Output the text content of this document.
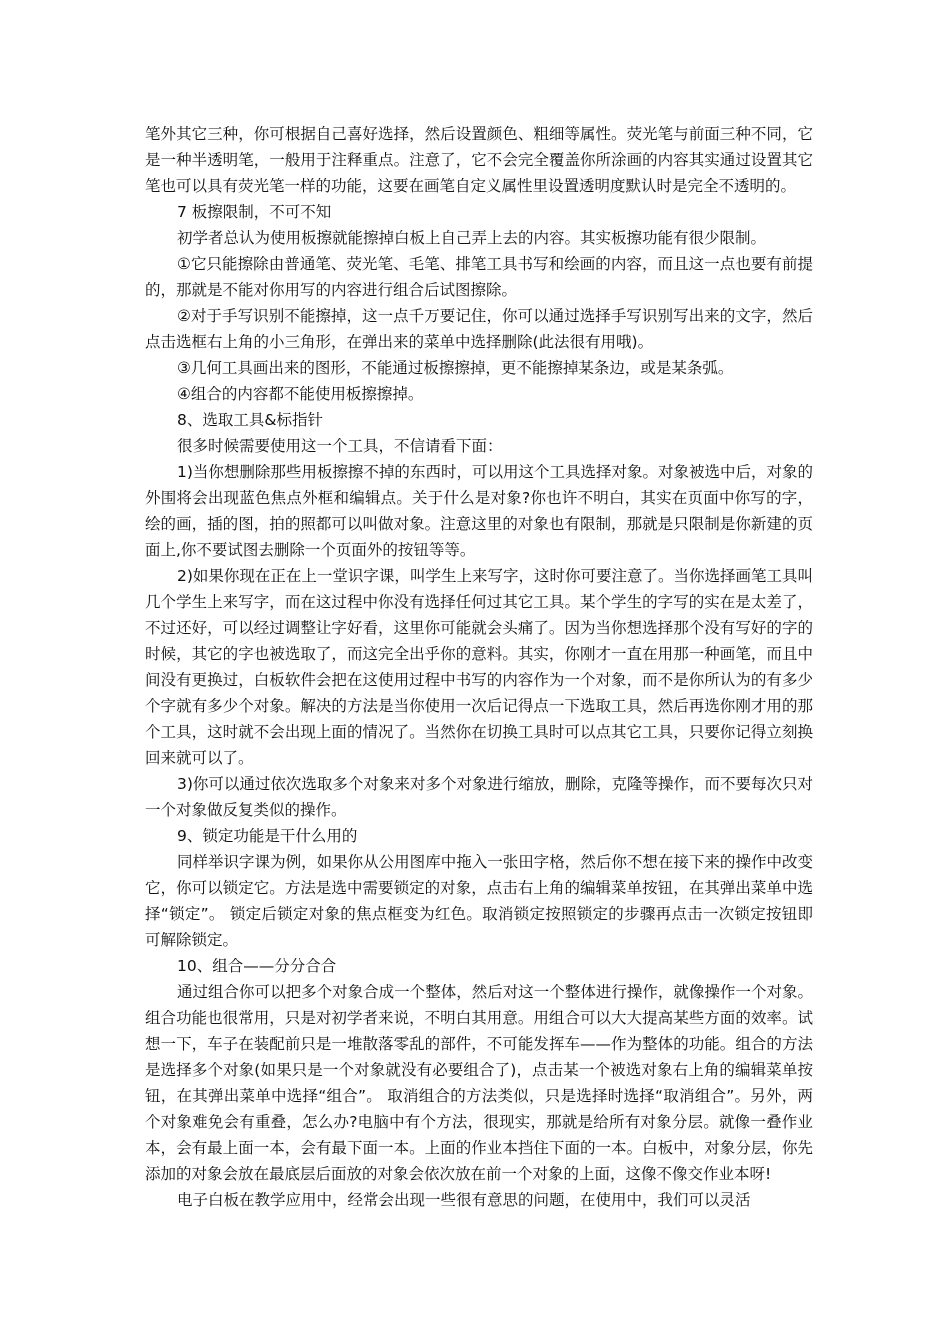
笔外其它三种，你可根据自己喜好选择，然后设置颜色、粗细等属性。荧光笔与前面三种不同，它是一种半透明笔，一般用于注释重点。注意了，它不会完全覆盖你所涂画的内容其实通过设置其它笔也可以具有荧光笔一样的功能，这要在画笔自定义属性里设置透明度默认时是完全不透明的。

7 板擦限制，不可不知

初学者总认为使用板擦就能擦掉白板上自己弄上去的内容。其实板擦功能有很少限制。

①它只能擦除由普通笔、荧光笔、毛笔、排笔工具书写和绘画的内容，而且这一点也要有前提的，那就是不能对你用写的内容进行组合后试图擦除。

②对于手写识别不能擦掉，这一点千万要记住，你可以通过选择手写识别写出来的文字，然后点击选框右上角的小三角形，在弹出来的菜单中选择删除(此法很有用哦)。

③几何工具画出来的图形，不能通过板擦擦掉，更不能擦掉某条边，或是某条弧。

④组合的内容都不能使用板擦擦掉。

8、选取工具&标指针

很多时候需要使用这一个工具，不信请看下面：

1)当你想删除那些用板擦擦不掉的东西时，可以用这个工具选择对象。对象被选中后，对象的外围将会出现蓝色焦点外框和编辑点。关于什么是对象?你也许不明白，其实在页面中你写的字，绘的画，插的图，拍的照都可以叫做对象。注意这里的对象也有限制，那就是只限制是你新建的页面上,你不要试图去删除一个页面外的按钮等等。

2)如果你现在正在上一堂识字课，叫学生上来写字，这时你可要注意了。当你选择画笔工具叫几个学生上来写字，而在这过程中你没有选择任何过其它工具。某个学生的字写的实在是太差了，不过还好，可以经过调整让字好看，这里你可能就会头痛了。因为当你想选择那个没有写好的字的时候，其它的字也被选取了，而这完全出乎你的意料。其实，你刚才一直在用那一种画笔，而且中间没有更换过，白板软件会把在这使用过程中书写的内容作为一个对象，而不是你所认为的有多少个字就有多少个对象。解决的方法是当你使用一次后记得点一下选取工具，然后再选你刚才用的那个工具，这时就不会出现上面的情况了。当然你在切换工具时可以点其它工具，只要你记得立刻换回来就可以了。

3)你可以通过依次选取多个对象来对多个对象进行缩放，删除，克隆等操作，而不要每次只对一个对象做反复类似的操作。

9、锁定功能是干什么用的

同样举识字课为例，如果你从公用图库中拖入一张田字格，然后你不想在接下来的操作中改变它，你可以锁定它。方法是选中需要锁定的对象，点击右上角的编辑菜单按钮，在其弹出菜单中选择“锁定”。 锁定后锁定对象的焦点框变为红色。取消锁定按照锁定的步骤再点击一次锁定按钮即可解除锁定。

10、组合——分分合合

通过组合你可以把多个对象合成一个整体，然后对这一个整体进行操作，就像操作一个对象。组合功能也很常用，只是对初学者来说，不明白其用意。用组合可以大大提高某些方面的效率。试想一下，车子在装配前只是一堆散落零乱的部件，不可能发挥车——作为整体的功能。组合的方法是选择多个对象(如果只是一个对象就没有必要组合了)，点击某一个被选对象右上角的编辑菜单按钮，在其弹出菜单中选择“组合”。 取消组合的方法类似，只是选择时选择“取消组合”。另外，两个对象难免会有重叠，怎么办?电脑中有个方法，很现实，那就是给所有对象分层。就像一叠作业本，会有最上面一本，会有最下面一本。上面的作业本挡住下面的一本。白板中，对象分层，你先添加的对象会放在最底层后面放的对象会依次放在前一个对象的上面，这像不像交作业本呀!

电子白板在教学应用中，经常会出现一些很有意思的问题，在使用中，我们可以灵活
